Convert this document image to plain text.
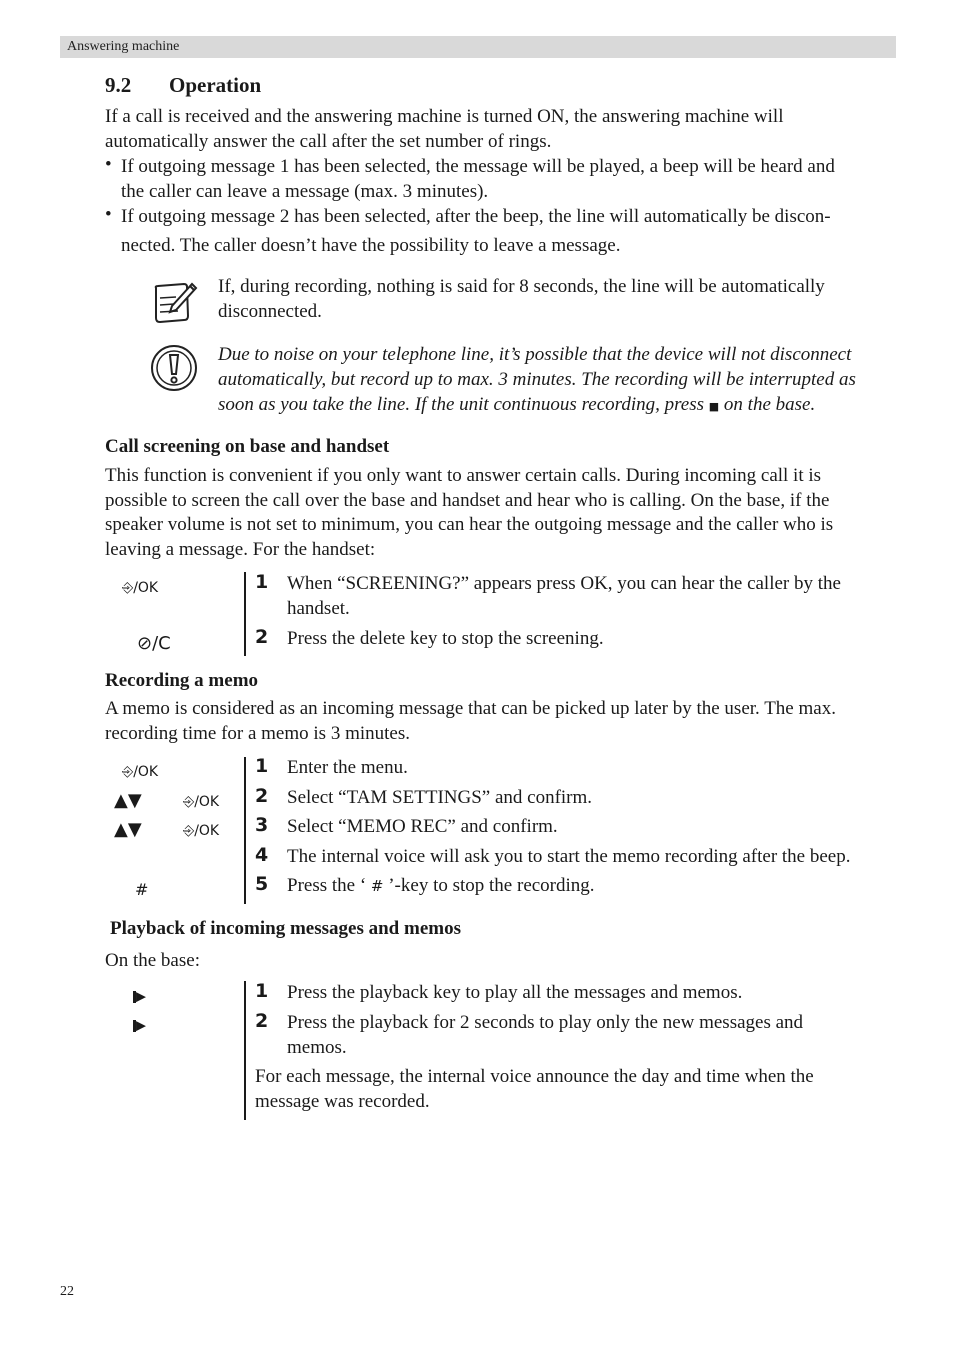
Answering machine
9.2 Operation
If a call is received and the answering machine is turned ON, the answering machine will
automatically answer the call after the set number of rings.
• If outgoing message 1 has been selected, the message will be played, a beep will be heard and
the caller can leave a message (max. 3 minutes).
• If outgoing message 2 has been selected, after the beep, the line will automatically be discon-
nected. The caller doesn’t have the possibility to leave a message.
If, during recording, nothing is said for 8 seconds, the line will be automatically
disconnected.
Due to noise on your telephone line, it’s possible that the device will not disconnect
automatically, but record up to max. 3 minutes. The recording will be interrupted as
soon as you take the line. If the unit continuous recording, press ■ on the base.
Call screening on base and handset
This function is convenient if you only want to answer certain calls. During incoming call it is
possible to screen the call over the base and handset and hear who is calling. On the base, if the
speaker volume is not set to minimum, you can hear the outgoing message and the caller who is
leaving a message. For the handset:
⎆/OK
⊘/C
1 When “SCREENING?” appears press OK, you can hear the caller by the
handset.
2 Press the delete key to stop the screening.
Recording a memo
A memo is considered as an incoming message that can be picked up later by the user. The max.
recording time for a memo is 3 minutes.
⎆/OK
▲▼	⎆/OK
▲▼	⎆/OK
#
1 Enter the menu.
2 Select “TAM SETTINGS” and confirm.
3 Select “MEMO REC” and confirm.
4 The internal voice will ask you to start the memo recording after the beep.
5 Press the ‘ # ’-key to stop the recording.
Playback of incoming messages and memos
On the base:
▶
▶
1 Press the playback key to play all the messages and memos.
2 Press the playback for 2 seconds to play only the new messages and
memos.
For each message, the internal voice announce the day and time when the
message was recorded.
22
